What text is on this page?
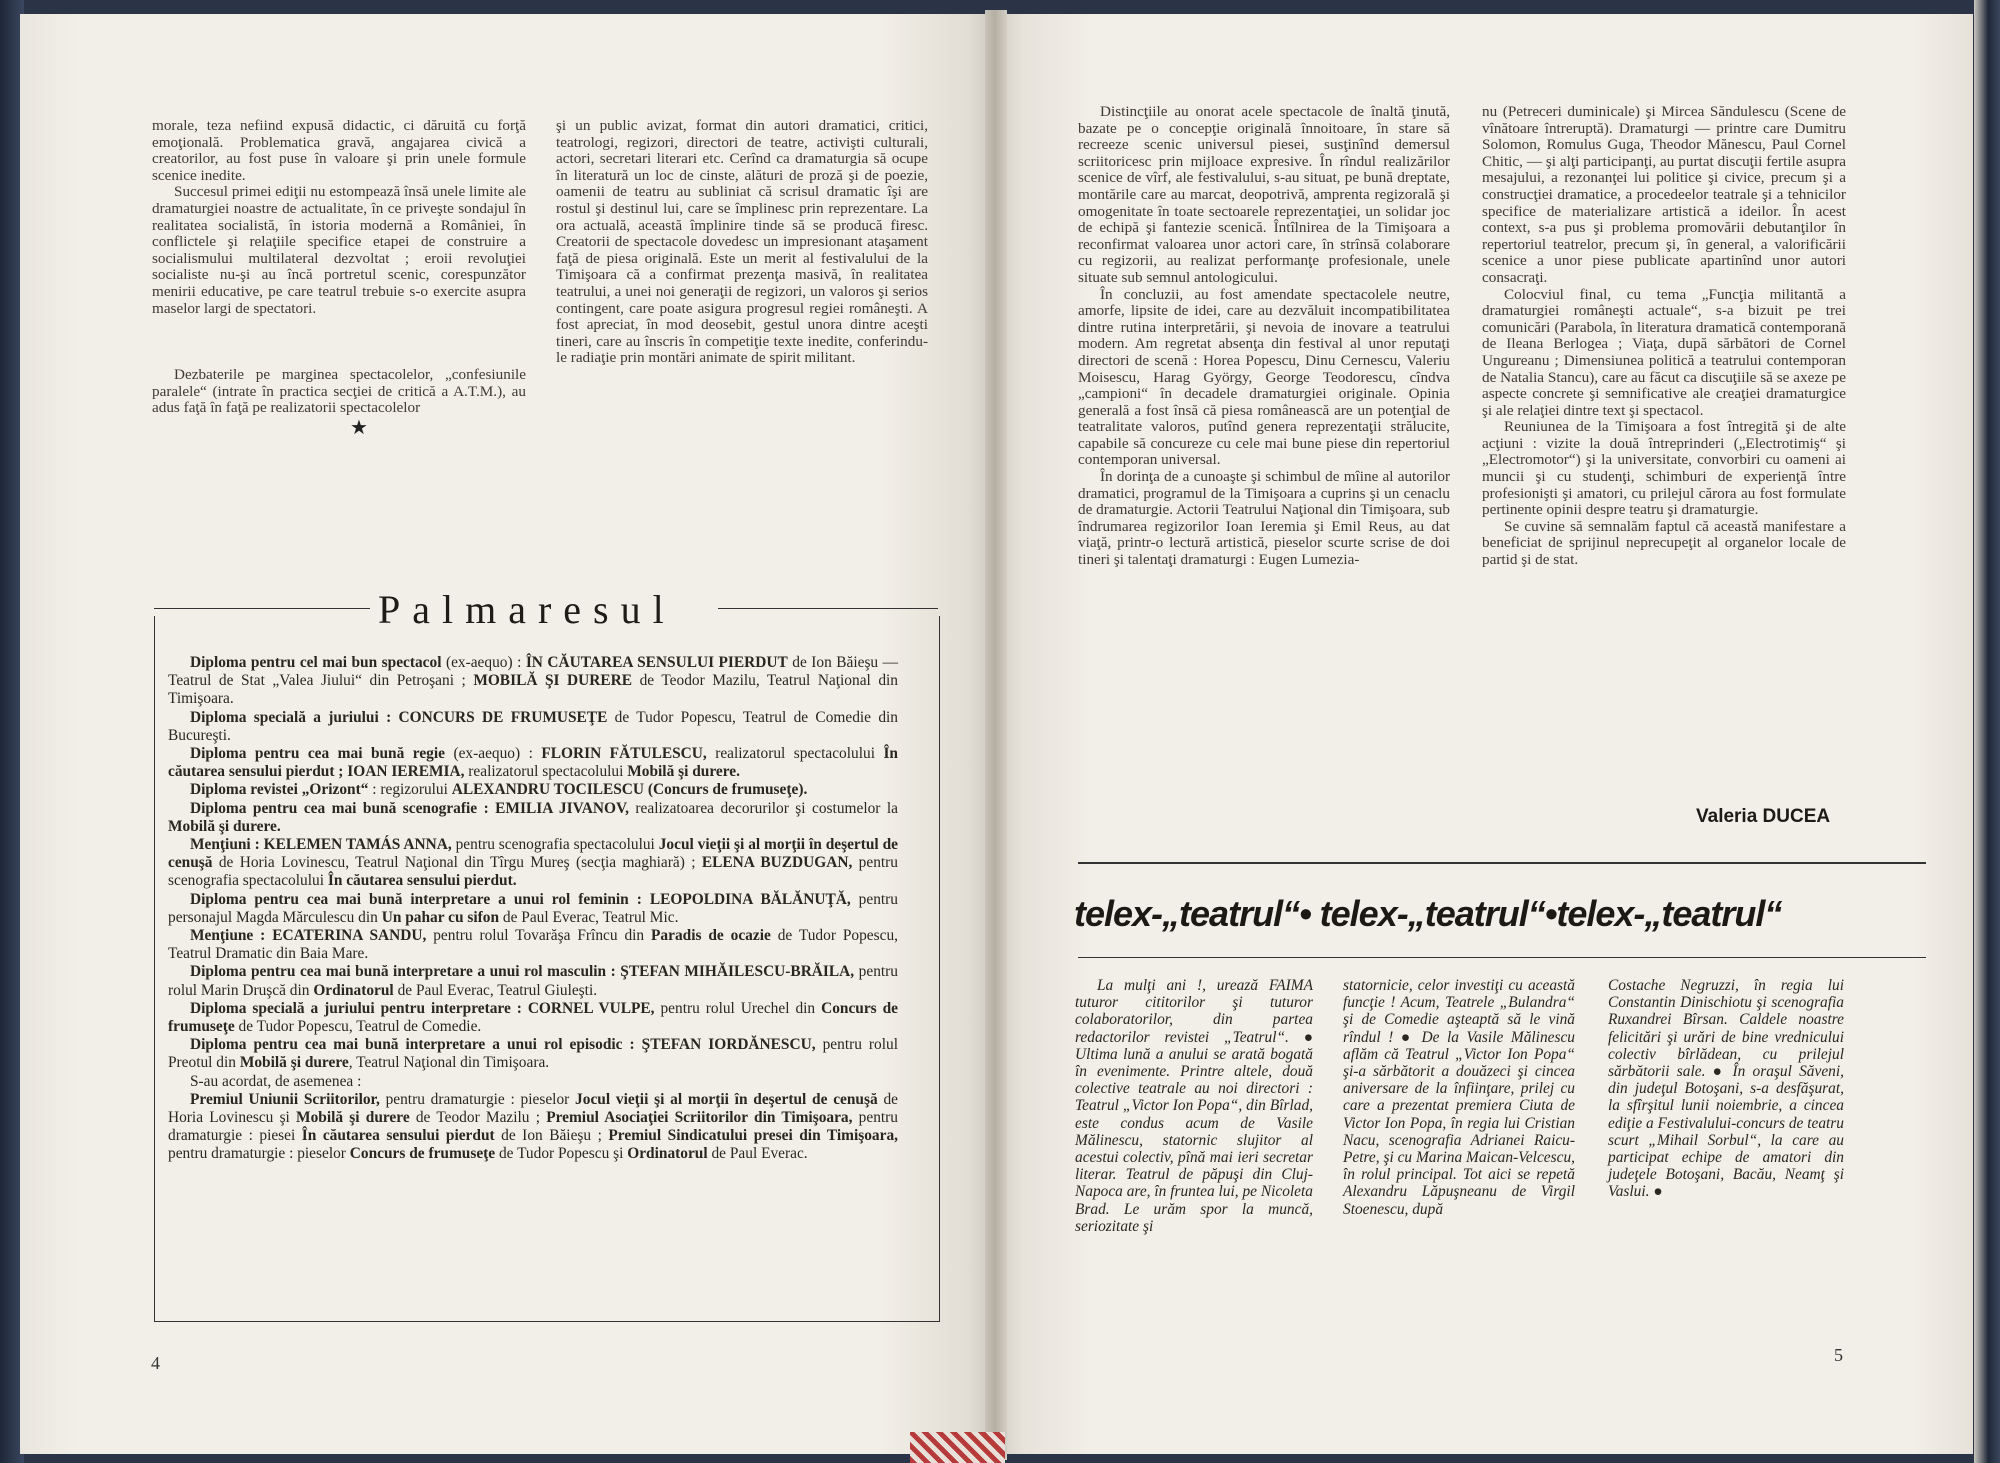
morale, teza nefiind expusă didactic, ci dăruită cu forţă emoţională. Problematica gravă, angajarea civică a creatorilor, au fost puse în valoare şi prin unele formule scenice inedite.

Succesul primei ediţii nu estompează însă unele limite ale dramaturgiei noastre de actualitate, în ce priveşte sondajul în realitatea socialistă, în istoria modernă a României, în conflictele şi relaţiile specifice etapei de construire a socialismului multilateral dezvoltat ; eroii revoluţiei socialiste nu-şi au încă portretul scenic, corespunzător menirii educative, pe care teatrul trebuie s-o exercite asupra maselor largi de spectatori.

Dezbaterile pe marginea spectacolelor, „confesiunile paralele“ (intrate în practica secţiei de critică a A.T.M.), au adus faţă în faţă pe realizatorii spectacolelor

★

şi un public avizat, format din autori dramatici, critici, teatrologi, regizori, directori de teatre, activişti culturali, actori, secretari literari etc. Cerînd ca dramaturgia să ocupe în literatură un loc de cinste, alături de proză şi de poezie, oamenii de teatru au subliniat că scrisul dramatic îşi are rostul şi destinul lui, care se împlinesc prin reprezentare. La ora actuală, această împlinire tinde să se producă firesc. Creatorii de spectacole dovedesc un impresionant ataşament faţă de piesa originală. Este un merit al festivalului de la Timişoara că a confirmat prezenţa masivă, în realitatea teatrului, a unei noi generaţii de regizori, un valoros şi serios contingent, care poate asigura progresul regiei româneşti. A fost apreciat, în mod deosebit, gestul unora dintre aceşti tineri, care au înscris în competiţie texte inedite, conferindu-le radiaţie prin montări animate de spirit militant.

Palmaresul

Diploma pentru cel mai bun spectacol (ex-aequo) : ÎN CĂUTAREA SENSULUI PIERDUT de Ion Băieşu — Teatrul de Stat „Valea Jiului“ din Petroşani ; MOBILĂ ŞI DURERE de Teodor Mazilu, Teatrul Naţional din Timişoara.

Diploma specială a juriului : CONCURS DE FRUMUSEŢE de Tudor Popescu, Teatrul de Comedie din Bucureşti.

Diploma pentru cea mai bună regie (ex-aequo) : FLORIN FĂTULESCU, realizatorul spectacolului În căutarea sensului pierdut ; IOAN IEREMIA, realizatorul spectacolului Mobilă şi durere.

Diploma revistei „Orizont“ : regizorului ALEXANDRU TOCILESCU (Concurs de frumuseţe).

Diploma pentru cea mai bună scenografie : EMILIA JIVANOV, realizatoarea decorurilor şi costumelor la Mobilă şi durere.

Menţiuni : KELEMEN TAMÁS ANNA, pentru scenografia spectacolului Jocul vieţii şi al morţii în deşertul de cenuşă de Horia Lovinescu, Teatrul Naţional din Tîrgu Mureş (secţia maghiară) ; ELENA BUZDUGAN, pentru scenografia spectacolului În căutarea sensului pierdut.

Diploma pentru cea mai bună interpretare a unui rol feminin : LEOPOLDINA BĂLĂNUŢĂ, pentru personajul Magda Mărculescu din Un pahar cu sifon de Paul Everac, Teatrul Mic.

Menţiune : ECATERINA SANDU, pentru rolul Tovarăşa Frîncu din Paradis de ocazie de Tudor Popescu, Teatrul Dramatic din Baia Mare.

Diploma pentru cea mai bună interpretare a unui rol masculin : ŞTEFAN MIHĂILESCU-BRĂILA, pentru rolul Marin Druşcă din Ordinatorul de Paul Everac, Teatrul Giuleşti.

Diploma specială a juriului pentru interpretare : CORNEL VULPE, pentru rolul Urechel din Concurs de frumuseţe de Tudor Popescu, Teatrul de Comedie.

Diploma pentru cea mai bună interpretare a unui rol episodic : ŞTEFAN IORDĂNESCU, pentru rolul Preotul din Mobilă şi durere, Teatrul Naţional din Timişoara.

S-au acordat, de asemenea :

Premiul Uniunii Scriitorilor, pentru dramaturgie : pieselor Jocul vieţii şi al morţii în deşertul de cenuşă de Horia Lovinescu şi Mobilă şi durere de Teodor Mazilu ; Premiul Asociaţiei Scriitorilor din Timişoara, pentru dramaturgie : piesei În căutarea sensului pierdut de Ion Băieşu ; Premiul Sindicatului presei din Timişoara, pentru dramaturgie : pieselor Concurs de frumuseţe de Tudor Popescu şi Ordinatorul de Paul Everac.

4

Distincţiile au onorat acele spectacole de înaltă ţinută, bazate pe o concepţie originală înnoitoare, în stare să recreeze scenic universul piesei, susţinînd demersul scriitoricesc prin mijloace expresive. În rîndul realizărilor scenice de vîrf, ale festivalului, s-au situat, pe bună dreptate, montările care au marcat, deopotrivă, amprenta regizorală şi omogenitate în toate sectoarele reprezentaţiei, un solidar joc de echipă şi fantezie scenică. Întîlnirea de la Timişoara a reconfirmat valoarea unor actori care, în strînsă colaborare cu regizorii, au realizat performanţe profesionale, unele situate sub semnul antologicului.

În concluzii, au fost amendate spectacolele neutre, amorfe, lipsite de idei, care au dezvăluit incompatibilitatea dintre rutina interpretării, şi nevoia de inovare a teatrului modern. Am regretat absenţa din festival al unor reputaţi directori de scenă : Horea Popescu, Dinu Cernescu, Valeriu Moisescu, Harag György, George Teodorescu, cîndva „campioni“ în decadele dramaturgiei originale. Opinia generală a fost însă că piesa românească are un potenţial de teatralitate valoros, putînd genera reprezentaţii strălucite, capabile să concureze cu cele mai bune piese din repertoriul contemporan universal.

În dorinţa de a cunoaşte şi schimbul de mîine al autorilor dramatici, programul de la Timişoara a cuprins şi un cenaclu de dramaturgie. Actorii Teatrului Naţional din Timişoara, sub îndrumarea regizorilor Ioan Ieremia şi Emil Reus, au dat viaţă, printr-o lectură artistică, pieselor scurte scrise de doi tineri şi talentaţi dramaturgi : Eugen Lumezia-

nu (Petreceri duminicale) şi Mircea Săndulescu (Scene de vînătoare întreruptă). Dramaturgi — printre care Dumitru Solomon, Romulus Guga, Theodor Mănescu, Paul Cornel Chitic, — şi alţi participanţi, au purtat discuţii fertile asupra mesajului, a rezonanţei lui politice şi civice, precum şi a construcţiei dramatice, a procedeelor teatrale şi a tehnicilor specifice de materializare artistică a ideilor. În acest context, s-a pus şi problema promovării debutanţilor în repertoriul teatrelor, precum şi, în general, a valorificării scenice a unor piese publicate apartinînd unor autori consacraţi.

Colocviul final, cu tema „Funcţia militantă a dramaturgiei româneşti actuale“, s-a bizuit pe trei comunicări (Parabola, în literatura dramatică contemporană de Ileana Berlogea ; Viaţa, după sărbători de Cornel Ungureanu ; Dimensiunea politică a teatrului contemporan de Natalia Stancu), care au făcut ca discuţiile să se axeze pe aspecte concrete şi semnificative ale creaţiei dramaturgice şi ale relaţiei dintre text şi spectacol.

Reuniunea de la Timişoara a fost întregită şi de alte acţiuni : vizite la două întreprinderi („Electrotimiş“ şi „Electromotor“) şi la universitate, convorbiri cu oameni ai muncii şi cu studenţi, schimburi de experienţă între profesionişti şi amatori, cu prilejul cărora au fost formulate pertinente opinii despre teatru şi dramaturgie.

Se cuvine să semnalăm faptul că aceastǎ manifestare a beneficiat de sprijinul neprecupeţit al organelor locale de partid şi de stat.

Valeria DUCEA
telex-„teatrul“• telex-„teatrul“•telex-„teatrul“

La mulţi ani !, urează FAIMA tuturor cititorilor şi tuturor colaboratorilor, din partea redactorilor revistei „Teatrul“. ● Ultima lună a anului se arată bogată în evenimente. Printre altele, două colective teatrale au noi directori : Teatrul „Victor Ion Popa“, din Bîrlad, este condus acum de Vasile Mălinescu, statornic slujitor al acestui colectiv, pînă mai ieri secretar literar. Teatrul de păpuşi din Cluj-Napoca are, în fruntea lui, pe Nicoleta Brad. Le urăm spor la muncă, seriozitate şi

statornicie, celor investiţi cu această funcţie ! Acum, Teatrele „Bulandra“ şi de Comedie aşteaptă să le vină rîndul ! ● De la Vasile Mălinescu aflăm că Teatrul „Victor Ion Popa“ şi-a sărbătorit a douăzeci şi cincea aniversare de la înfiinţare, prilej cu care a prezentat premiera Ciuta de Victor Ion Popa, în regia lui Cristian Nacu, scenografia Adrianei Raicu-Petre, şi cu Marina Maican-Velcescu, în rolul principal. Tot aici se repetă Alexandru Lăpuşneanu de Virgil Stoenescu, după

Costache Negruzzi, în regia lui Constantin Dinischiotu şi scenografia Ruxandrei Bîrsan. Caldele noastre felicitări şi urări de bine vrednicului colectiv bîrlădean, cu prilejul sărbătorii sale. ● În oraşul Săveni, din judeţul Botoşani, s-a desfăşurat, la sfîrşitul lunii noiembrie, a cincea ediţie a Festivalului-concurs de teatru scurt „Mihail Sorbul“, la care au participat echipe de amatori din judeţele Botoşani, Bacău, Neamţ şi Vaslui. ●

5
